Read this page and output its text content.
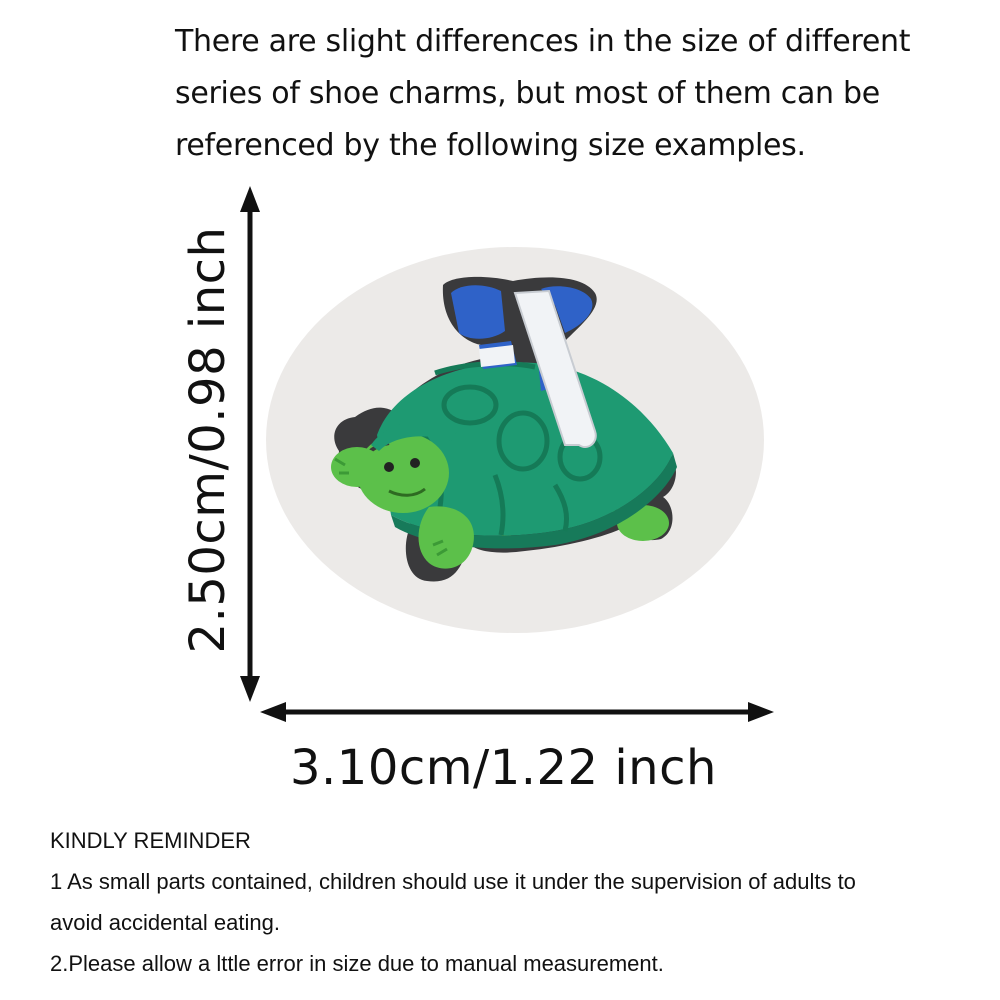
There are slight differences in the size of different
series of shoe charms, but most of them can be
referenced by the following size examples.
2.50cm/0.98 inch
3.10cm/1.22 inch
KINDLY REMINDER
1 As small parts contained, children should use it under the supervision of adults to
avoid accidental eating.
2.Please allow a lttle error in size due to manual measurement.
